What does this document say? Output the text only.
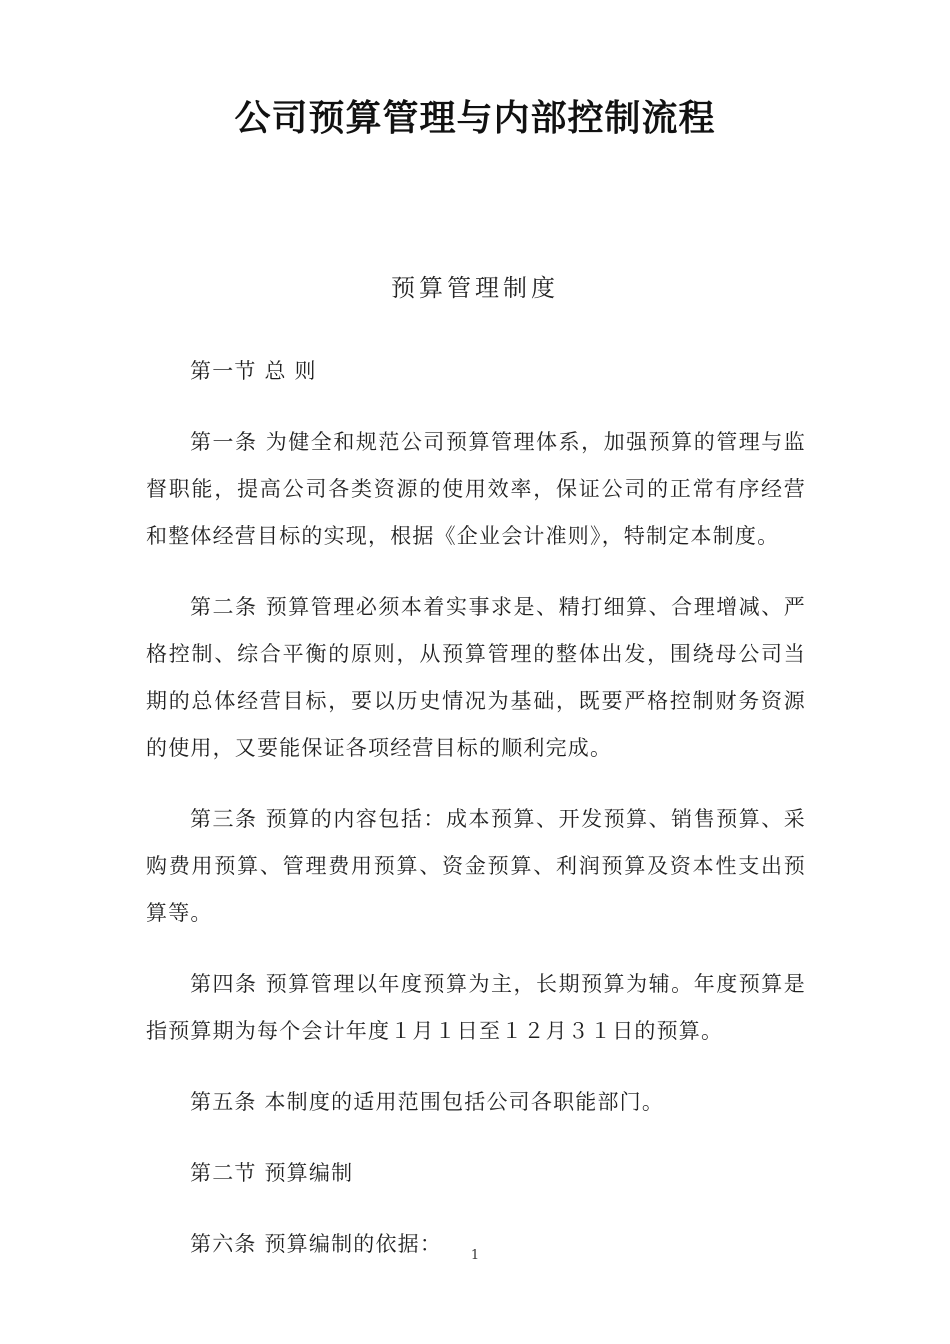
公司预算管理与内部控制流程
预算管理制度

第一节 总 则

第一条 为健全和规范公司预算管理体系，加强预算的管理与监督职能，提高公司各类资源的使用效率，保证公司的正常有序经营和整体经营目标的实现，根据《企业会计准则》，特制定本制度。

第二条 预算管理必须本着实事求是、精打细算、合理增减、严格控制、综合平衡的原则，从预算管理的整体出发，围绕母公司当期的总体经营目标，要以历史情况为基础，既要严格控制财务资源的使用，又要能保证各项经营目标的顺利完成。

第三条 预算的内容包括：成本预算、开发预算、销售预算、采购费用预算、管理费用预算、资金预算、利润预算及资本性支出预算等。

第四条 预算管理以年度预算为主，长期预算为辅。年度预算是指预算期为每个会计年度１月１日至１２月３１日的预算。

第五条 本制度的适用范围包括公司各职能部门。

第二节 预算编制

第六条 预算编制的依据：	1
